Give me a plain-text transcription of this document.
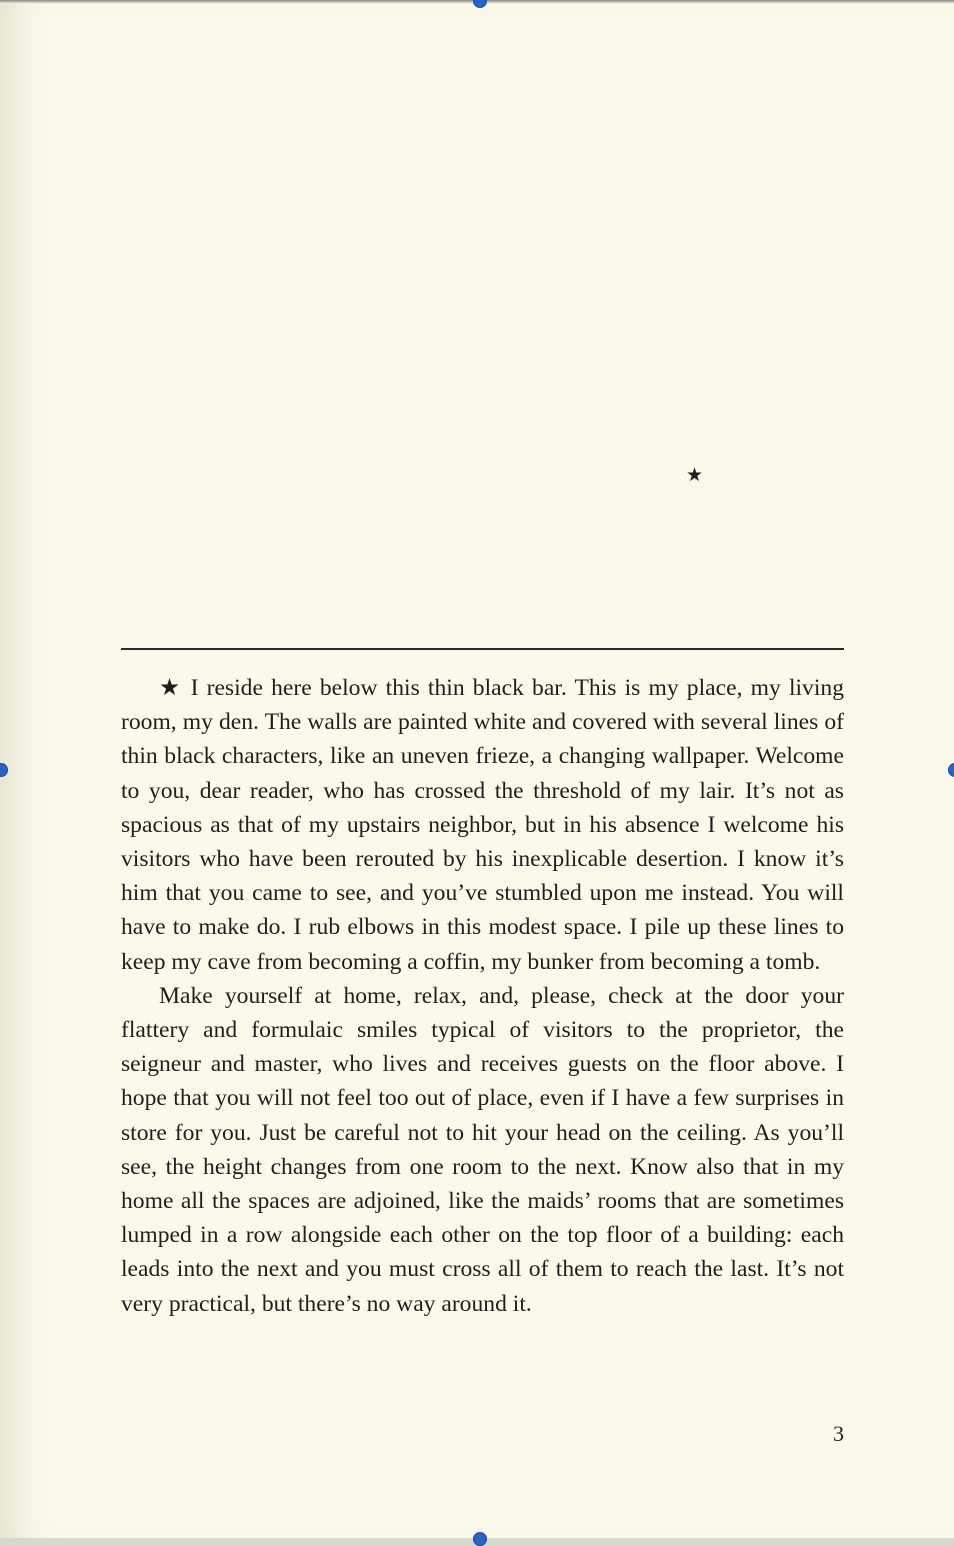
★

★ I reside here below this thin black bar. This is my place, my living room, my den. The walls are painted white and covered with several lines of thin black characters, like an uneven frieze, a changing wallpaper. Welcome to you, dear reader, who has crossed the threshold of my lair. It’s not as spacious as that of my upstairs neighbor, but in his absence I welcome his visitors who have been rerouted by his inexplicable desertion. I know it’s him that you came to see, and you’ve stumbled upon me instead. You will have to make do. I rub elbows in this modest space. I pile up these lines to keep my cave from becoming a coffin, my bunker from becoming a tomb.

Make yourself at home, relax, and, please, check at the door your flattery and formulaic smiles typical of visitors to the proprietor, the seigneur and master, who lives and receives guests on the floor above. I hope that you will not feel too out of place, even if I have a few surprises in store for you. Just be careful not to hit your head on the ceiling. As you’ll see, the height changes from one room to the next. Know also that in my home all the spaces are adjoined, like the maids’ rooms that are sometimes lumped in a row alongside each other on the top floor of a building: each leads into the next and you must cross all of them to reach the last. It’s not very practical, but there’s no way around it.

3
